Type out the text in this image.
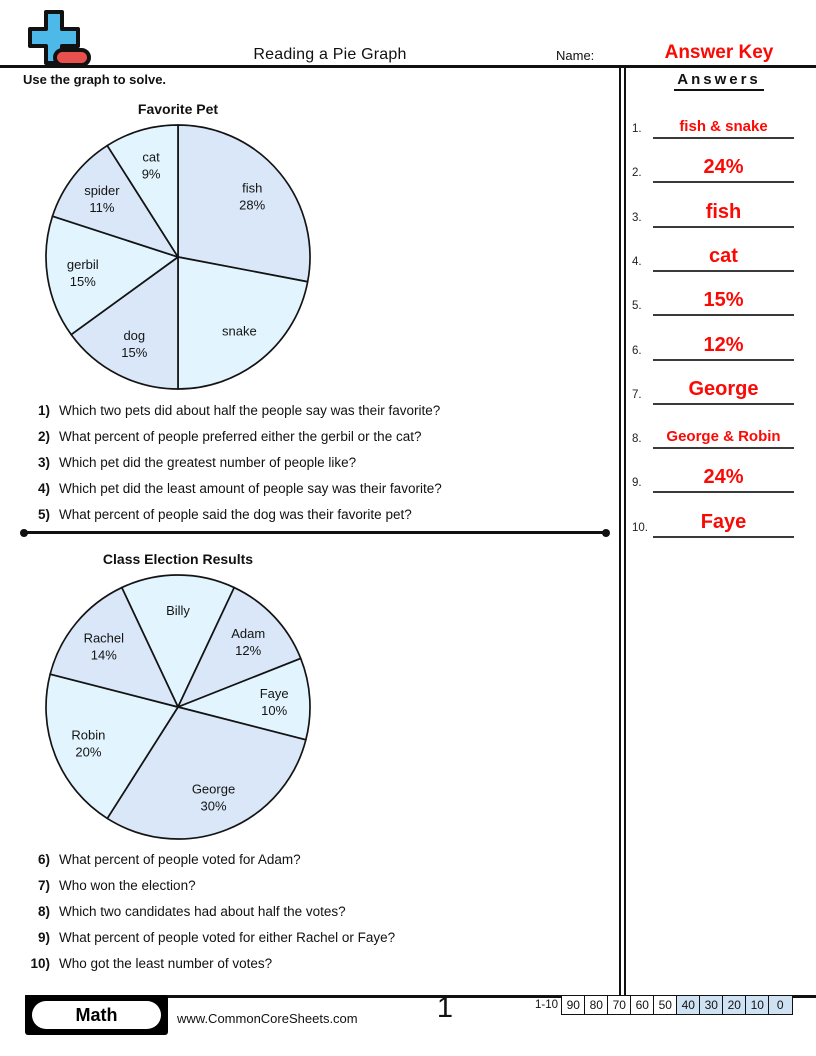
Reading a Pie Graph	Name:	Answer Key
Use the graph to solve.
Favorite Pet
fish
28%
snake
dog
15%
gerbil
15%
spider
11%
cat
9%
1) Which two pets did about half the people say was their favorite?
2) What percent of people preferred either the gerbil or the cat?
3) Which pet did the greatest number of people like?
4) Which pet did the least amount of people say was their favorite?
5) What percent of people said the dog was their favorite pet?
Class Election Results
Billy
Adam
12%
Faye
10%
George
30%
Robin
20%
Rachel
14%
6) What percent of people voted for Adam?
7) Who won the election?
8) Which two candidates had about half the votes?
9) What percent of people voted for either Rachel or Faye?
10) Who got the least number of votes?
Answers
1.	fish & snake
2.	24%
3.	fish
4.	cat
5.	15%
6.	12%
7.	George
8.	George & Robin
9.	24%
10.	Faye
Math	www.CommonCoreSheets.com	1	1-10 90 80 70 60 50 40 30 20 10	0
